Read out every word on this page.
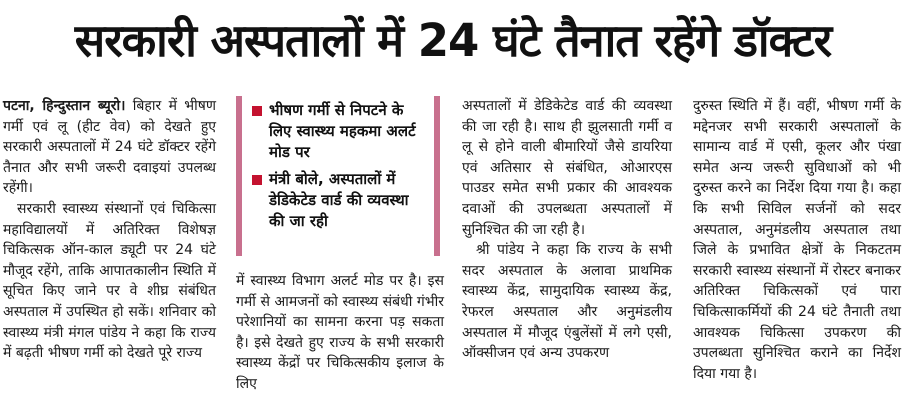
सरकारी अस्पतालों में 24 घंटे तैनात रहेंगे डॉक्टर

पटना, हिन्दुस्तान ब्यूरो। बिहार में भीषण गर्मी एवं लू (हीट वेव) को देखते हुए सरकारी अस्पतालों में 24 घंटे डॉक्टर रहेंगे तैनात और सभी जरूरी दवाइयां उपलब्ध रहेंगी।

सरकारी स्वास्थ्य संस्थानों एवं चिकित्सा महाविद्यालयों में अतिरिक्त विशेषज्ञ चिकित्सक ऑन-काल ड्यूटी पर 24 घंटे मौजूद रहेंगे, ताकि आपातकालीन स्थिति में सूचित किए जाने पर वे शीघ्र संबंधित अस्पताल में उपस्थित हो सकें। शनिवार को स्वास्थ्य मंत्री मंगल पांडेय ने कहा कि राज्य में बढ़ती भीषण गर्मी को देखते पूरे राज्य

भीषण गर्मी से निपटने के लिए स्वास्थ्य महकमा अलर्ट मोड पर
मंत्री बोले, अस्पतालों में डेडिकेटेड वार्ड की व्यवस्था की जा रही

में स्वास्थ्य विभाग अलर्ट मोड पर है। इस गर्मी से आमजनों को स्वास्थ्य संबंधी गंभीर परेशानियों का सामना करना पड़ सकता है। इसे देखते हुए राज्य के सभी सरकारी स्वास्थ्य केंद्रों पर चिकित्सकीय इलाज के लिए

अस्पतालों में डेडिकेटेड वार्ड की व्यवस्था की जा रही है। साथ ही झुलसाती गर्मी व लू से होने वाली बीमारियों जैसे डायरिया एवं अतिसार से संबंधित, ओआरएस पाउडर समेत सभी प्रकार की आवश्यक दवाओं की उपलब्धता अस्पतालों में सुनिश्चित की जा रही है।

श्री पांडेय ने कहा कि राज्य के सभी सदर अस्पताल के अलावा प्राथमिक स्वास्थ्य केंद्र, सामुदायिक स्वास्थ्य केंद्र, रेफरल अस्पताल और अनुमंडलीय अस्पताल में मौजूद एंबुलेंसों में लगे एसी, ऑक्सीजन एवं अन्य उपकरण

दुरुस्त स्थिति में हैं। वहीं, भीषण गर्मी के मद्देनजर सभी सरकारी अस्पतालों के सामान्य वार्ड में एसी, कूलर और पंखा समेत अन्य जरूरी सुविधाओं को भी दुरुस्त करने का निर्देश दिया गया है। कहा कि सभी सिविल सर्जनों को सदर अस्पताल, अनुमंडलीय अस्पताल तथा जिले के प्रभावित क्षेत्रों के निकटतम सरकारी स्वास्थ्य संस्थानों में रोस्टर बनाकर अतिरिक्त चिकित्सकों एवं पारा चिकित्साकर्मियों की 24 घंटे तैनाती तथा आवश्यक चिकित्सा उपकरण की उपलब्धता सुनिश्चित कराने का निर्देश दिया गया है।
